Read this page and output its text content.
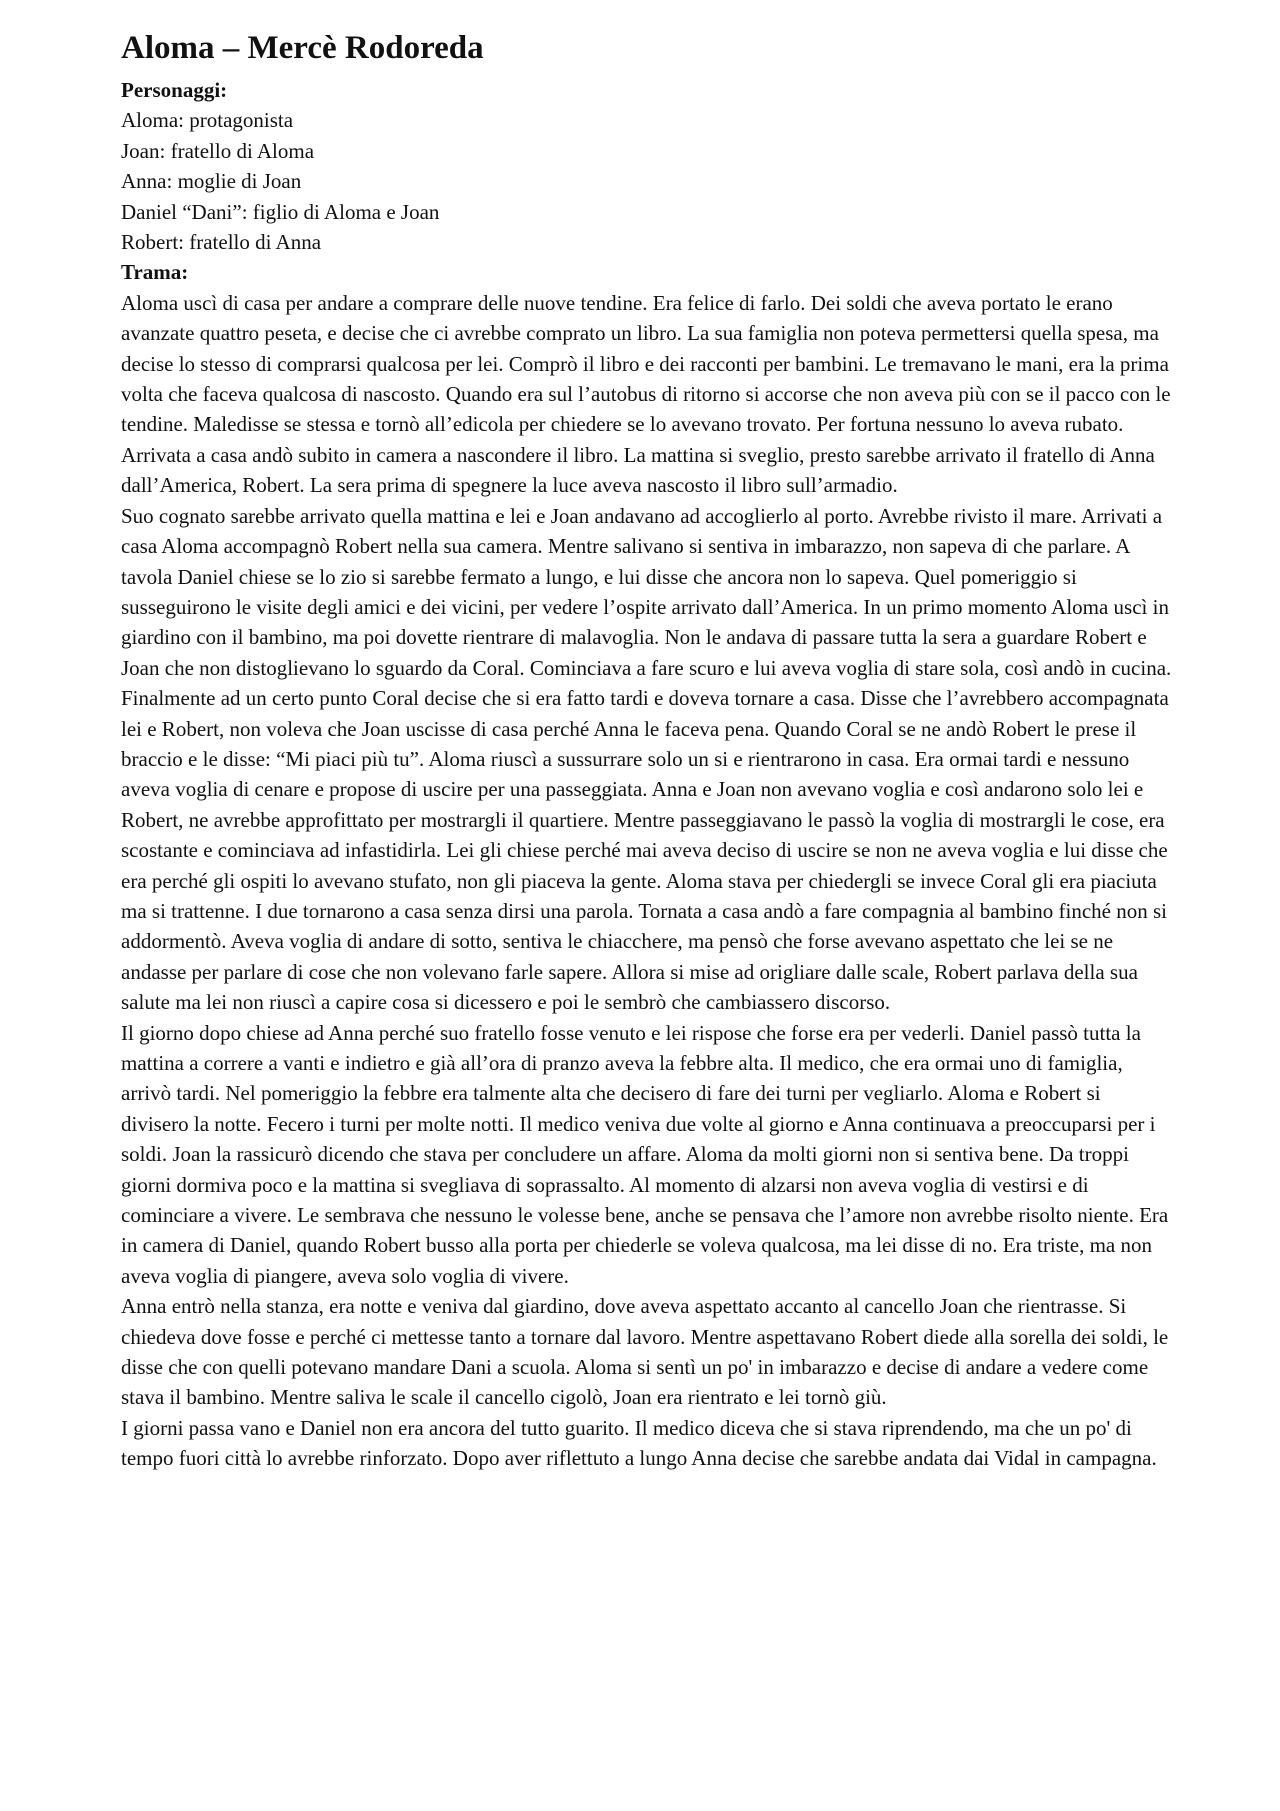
Aloma – Mercè Rodoreda
Personaggi:
Aloma: protagonista
Joan: fratello di Aloma
Anna: moglie di Joan
Daniel “Dani”: figlio di Aloma e Joan
Robert: fratello di Anna
Trama:

Aloma uscì di casa per andare a comprare delle nuove tendine. Era felice di farlo. Dei soldi che aveva portato le erano avanzate quattro peseta, e decise che ci avrebbe comprato un libro. La sua famiglia non poteva permettersi quella spesa, ma decise lo stesso di comprarsi qualcosa per lei. Comprò il libro e dei racconti per bambini. Le tremavano le mani, era la prima volta che faceva qualcosa di nascosto. Quando era sul l’autobus di ritorno si accorse che non aveva più con se il pacco con le tendine. Maledisse se stessa e tornò all’edicola per chiedere se lo avevano trovato. Per fortuna nessuno lo aveva rubato. Arrivata a casa andò subito in camera a nascondere il libro. La mattina si sveglio, presto sarebbe arrivato il fratello di Anna dall’America, Robert. La sera prima di spegnere la luce aveva nascosto il libro sull’armadio.

Suo cognato sarebbe arrivato quella mattina e lei e Joan andavano ad accoglierlo al porto. Avrebbe rivisto il mare. Arrivati a casa Aloma accompagnò Robert nella sua camera. Mentre salivano si sentiva in imbarazzo, non sapeva di che parlare. A tavola Daniel chiese se lo zio si sarebbe fermato a lungo, e lui disse che ancora non lo sapeva. Quel pomeriggio si susseguirono le visite degli amici e dei vicini, per vedere l’ospite arrivato dall’America. In un primo momento Aloma uscì in giardino con il bambino, ma poi dovette rientrare di malavoglia. Non le andava di passare tutta la sera a guardare Robert e Joan che non distoglievano lo sguardo da Coral. Cominciava a fare scuro e lui aveva voglia di stare sola, così andò in cucina. Finalmente ad un certo punto Coral decise che si era fatto tardi e doveva tornare a casa. Disse che l’avrebbero accompagnata lei e Robert, non voleva che Joan uscisse di casa perché Anna le faceva pena. Quando Coral se ne andò Robert le prese il braccio e le disse: “Mi piaci più tu”. Aloma riuscì a sussurrare solo un si e rientrarono in casa. Era ormai tardi e nessuno aveva voglia di cenare e propose di uscire per una passeggiata. Anna e Joan non avevano voglia e così andarono solo lei e Robert, ne avrebbe approfittato per mostrargli il quartiere. Mentre passeggiavano le passò la voglia di mostrargli le cose, era scostante e cominciava ad infastidirla. Lei gli chiese perché mai aveva deciso di uscire se non ne aveva voglia e lui disse che era perché gli ospiti lo avevano stufato, non gli piaceva la gente. Aloma stava per chiedergli se invece Coral gli era piaciuta ma si trattenne. I due tornarono a casa senza dirsi una parola. Tornata a casa andò a fare compagnia al bambino finché non si addormentò. Aveva voglia di andare di sotto, sentiva le chiacchere, ma pensò che forse avevano aspettato che lei se ne andasse per parlare di cose che non volevano farle sapere. Allora si mise ad origliare dalle scale, Robert parlava della sua salute ma lei non riuscì a capire cosa si dicessero e poi le sembrò che cambiassero discorso.

Il giorno dopo chiese ad Anna perché suo fratello fosse venuto e lei rispose che forse era per vederli. Daniel passò tutta la mattina a correre a vanti e indietro e già all’ora di pranzo aveva la febbre alta. Il medico, che era ormai uno di famiglia, arrivò tardi. Nel pomeriggio la febbre era talmente alta che decisero di fare dei turni per vegliarlo. Aloma e Robert si divisero la notte. Fecero i turni per molte notti. Il medico veniva due volte al giorno e Anna continuava a preoccuparsi per i soldi. Joan la rassicurò dicendo che stava per concludere un affare. Aloma da molti giorni non si sentiva bene. Da troppi giorni dormiva poco e la mattina si svegliava di soprassalto. Al momento di alzarsi non aveva voglia di vestirsi e di cominciare a vivere. Le sembrava che nessuno le volesse bene, anche se pensava che l’amore non avrebbe risolto niente. Era in camera di Daniel, quando Robert busso alla porta per chiederle se voleva qualcosa, ma lei disse di no. Era triste, ma non aveva voglia di piangere, aveva solo voglia di vivere.

Anna entrò nella stanza, era notte e veniva dal giardino, dove aveva aspettato accanto al cancello Joan che rientrasse. Si chiedeva dove fosse e perché ci mettesse tanto a tornare dal lavoro. Mentre aspettavano Robert diede alla sorella dei soldi, le disse che con quelli potevano mandare Dani a scuola. Aloma si sentì un po' in imbarazzo e decise di andare a vedere come stava il bambino. Mentre saliva le scale il cancello cigolò, Joan era rientrato e lei tornò giù.

I giorni passa vano e Daniel non era ancora del tutto guarito. Il medico diceva che si stava riprendendo, ma che un po' di tempo fuori città lo avrebbe rinforzato. Dopo aver riflettuto a lungo Anna decise che sarebbe andata dai Vidal in campagna.
